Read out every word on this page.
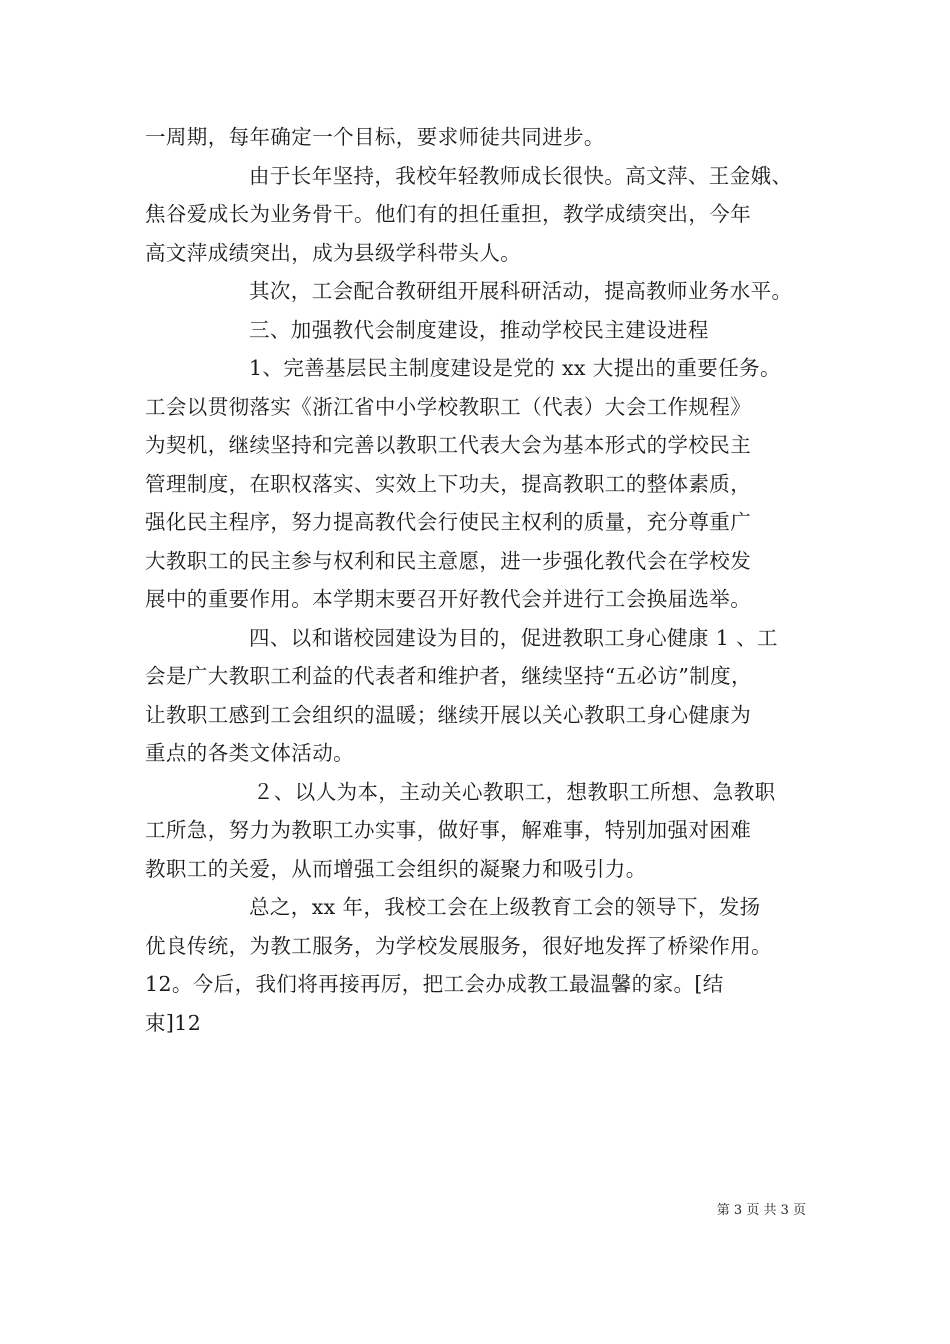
一周期，每年确定一个目标，要求师徒共同进步。
由于长年坚持，我校年轻教师成长很快。高文萍、王金娥、
焦谷爱成长为业务骨干。他们有的担任重担，教学成绩突出，今年
高文萍成绩突出，成为县级学科带头人。
其次，工会配合教研组开展科研活动，提高教师业务水平。
三、加强教代会制度建设，推动学校民主建设进程
1、完善基层民主制度建设是党的 xx 大提出的重要任务。
工会以贯彻落实《浙江省中小学校教职工（代表）大会工作规程》
为契机，继续坚持和完善以教职工代表大会为基本形式的学校民主
管理制度，在职权落实、实效上下功夫，提高教职工的整体素质，
强化民主程序，努力提高教代会行使民主权利的质量，充分尊重广
大教职工的民主参与权利和民主意愿，进一步强化教代会在学校发
展中的重要作用。本学期末要召开好教代会并进行工会换届选举。
四、以和谐校园建设为目的，促进教职工身心健康 1 、工
会是广大教职工利益的代表者和维护者，继续坚持“五必访”制度，
让教职工感到工会组织的温暖；继续开展以关心教职工身心健康为
重点的各类文体活动。
２、以人为本，主动关心教职工，想教职工所想、急教职
工所急，努力为教职工办实事，做好事，解难事，特别加强对困难
教职工的关爱，从而增强工会组织的凝聚力和吸引力。
总之，xx 年，我校工会在上级教育工会的领导下，发扬
优良传统，为教工服务，为学校发展服务，很好地发挥了桥梁作用。
12。今后，我们将再接再厉，把工会办成教工最温馨的家。[结
束]12
第 3 页 共 3 页
